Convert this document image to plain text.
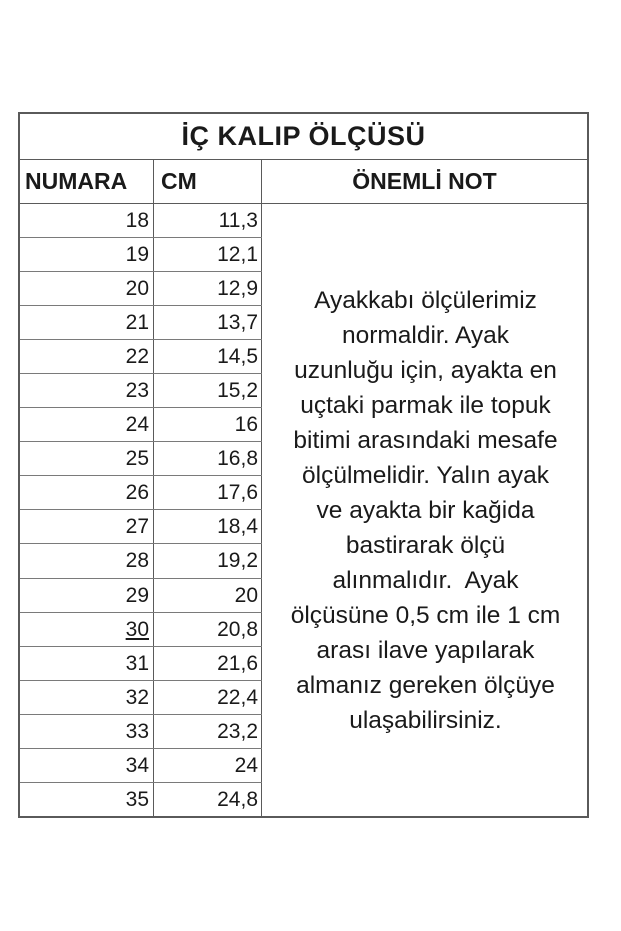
İÇ KALIP ÖLÇÜSÜ
NUMARA	CM	ÖNEMLİ NOT
18	11,3
19	12,1
20	12,9
21	13,7
22	14,5
23	15,2
24	16
25	16,8
26	17,6
27	18,4
28	19,2
29	20
30	20,8
31	21,6
32	22,4
33	23,2
34	24
35	24,8
Ayakkabı ölçülerimiz
normaldir. Ayak
uzunluğu için, ayakta en
uçtaki parmak ile topuk
bitimi arasındaki mesafe
ölçülmelidir. Yalın ayak
ve ayakta bir kağida
bastirarak ölçü
alınmalıdır.  Ayak
ölçüsüne 0,5 cm ile 1 cm
arası ilave yapılarak
almanız gereken ölçüye
ulaşabilirsiniz.
